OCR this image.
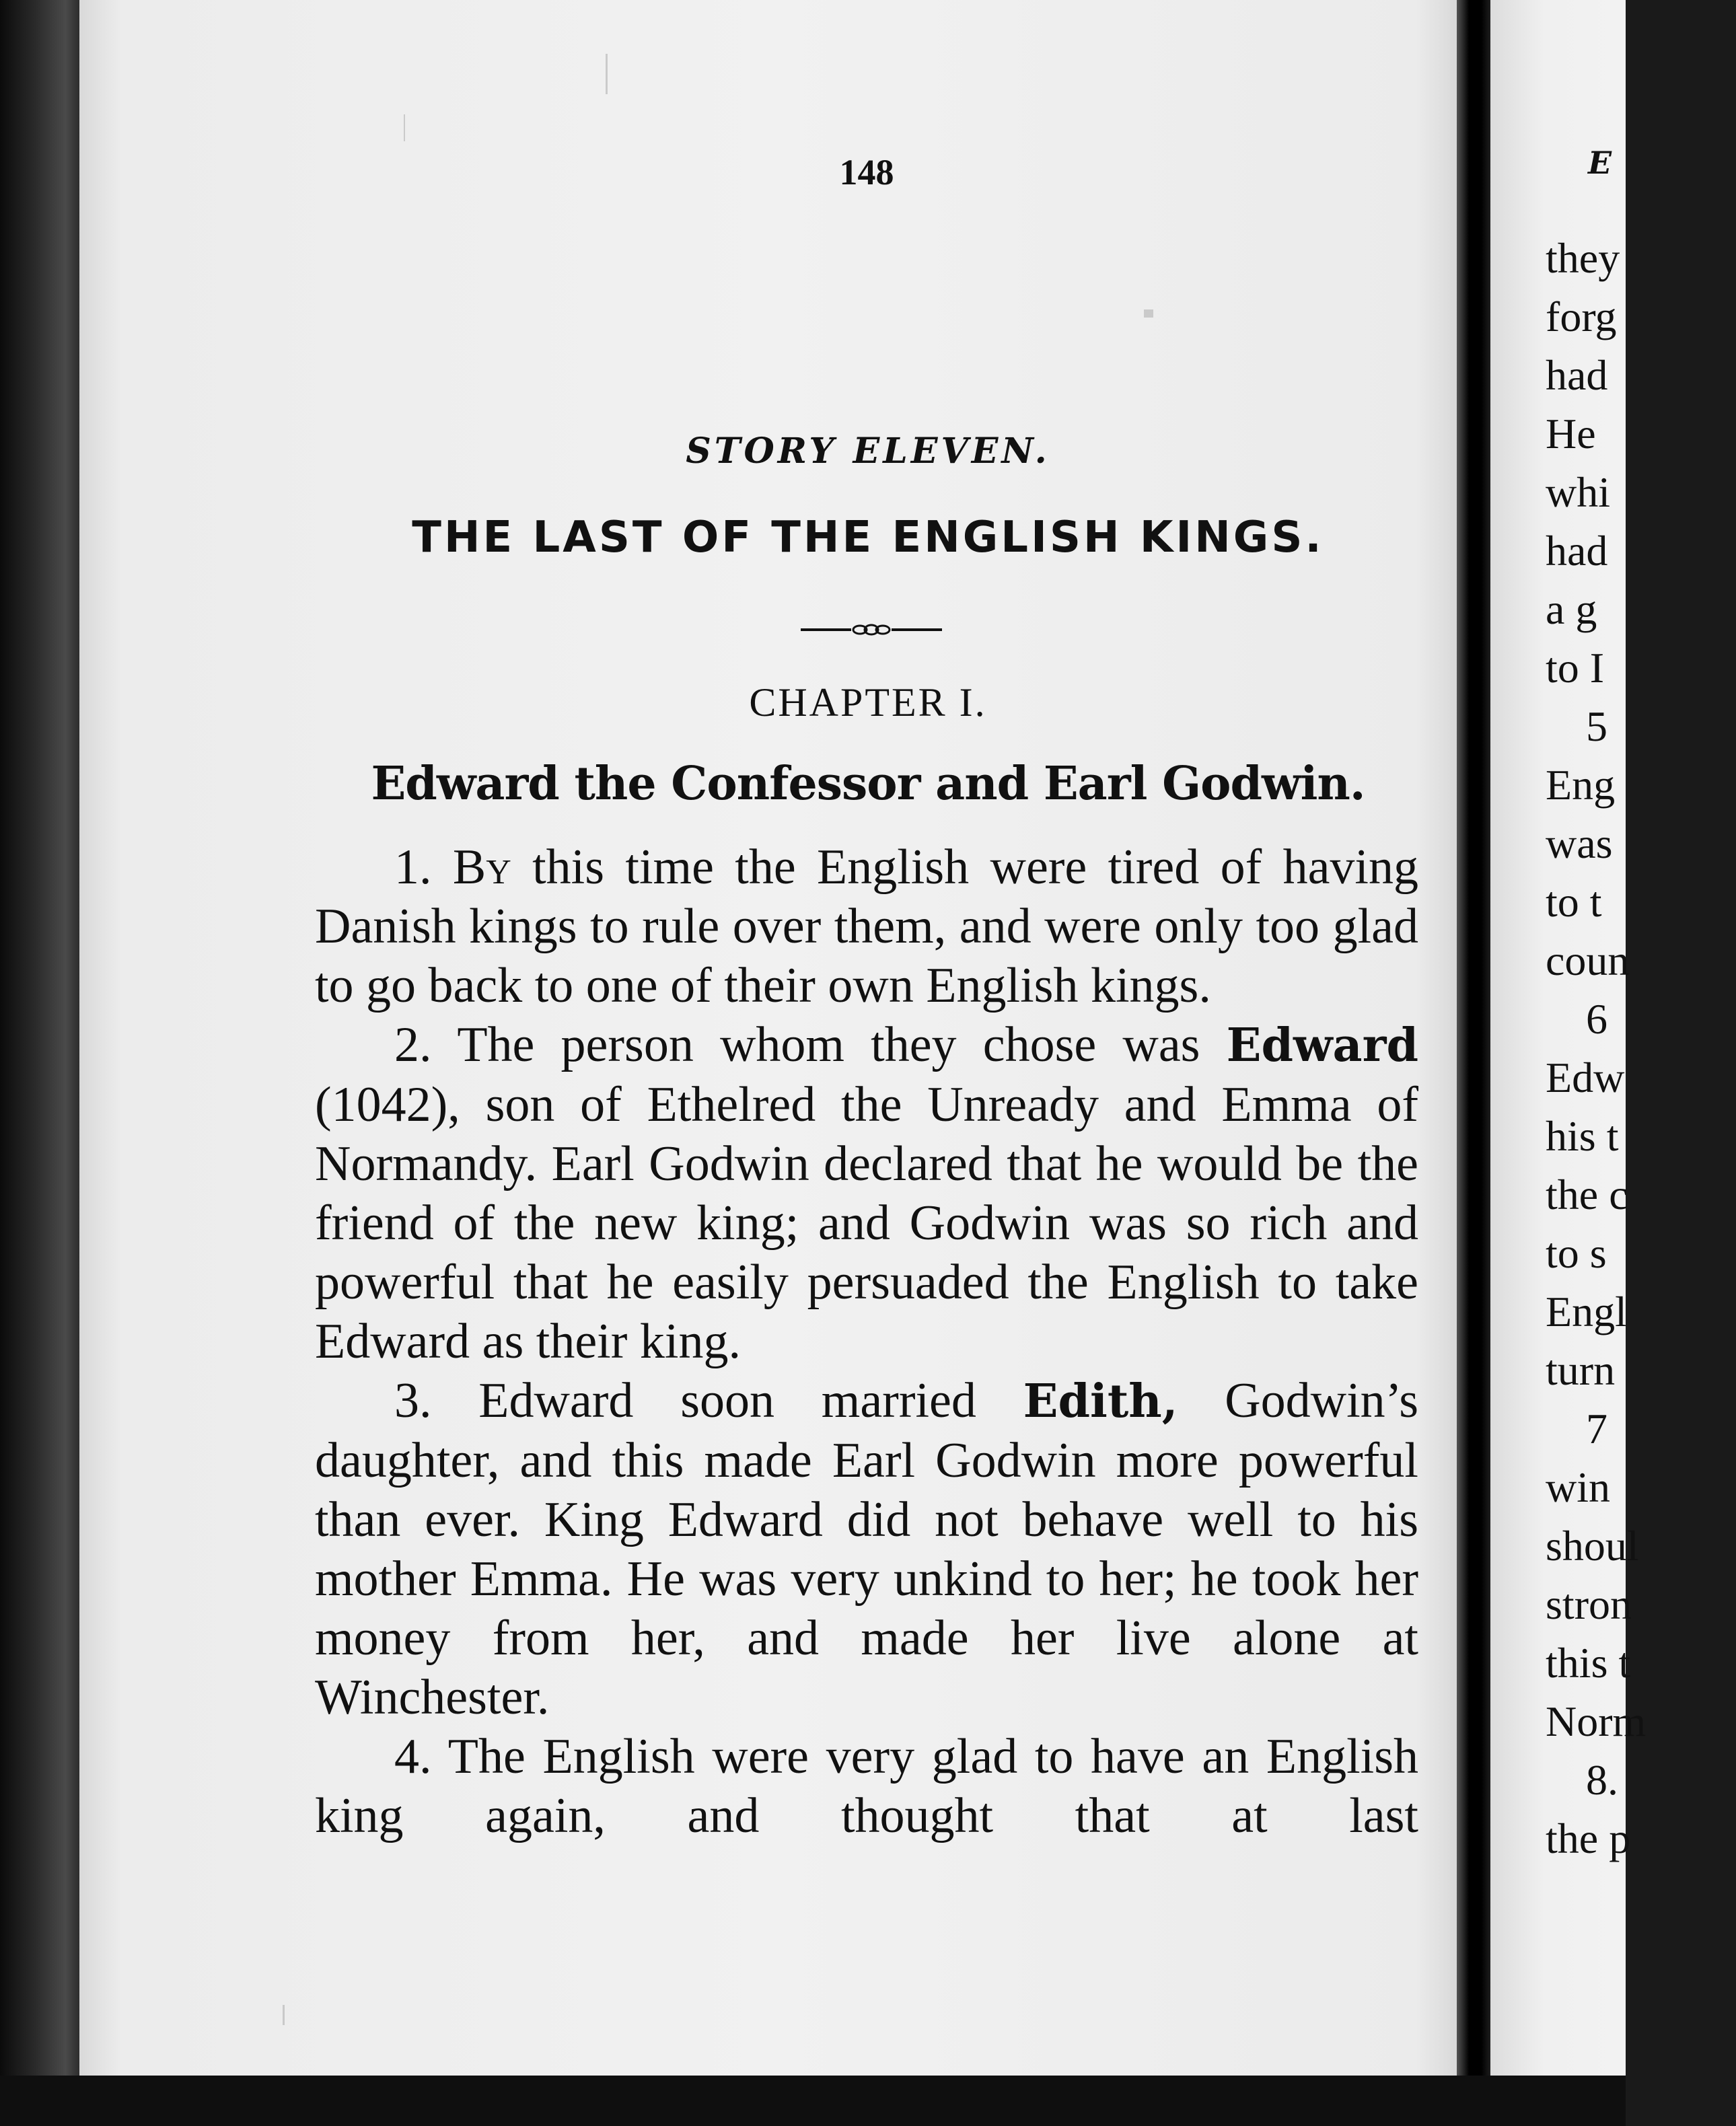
148
STORY ELEVEN.
THE LAST OF THE ENGLISH KINGS.
CHAPTER I.
Edward the Confessor and Earl Godwin.

1. By this time the English were tired of having Danish kings to rule over them, and were only too glad to go back to one of their own English kings.

2. The person whom they chose was Edward (1042), son of Ethelred the Unready and Emma of Normandy. Earl Godwin declared that he would be the friend of the new king; and Godwin was so rich and powerful that he easily persuaded the English to take Edward as their king.

3. Edward soon married Edith, Godwin’s daughter, and this made Earl Godwin more powerful than ever. King Edward did not behave well to his mother Emma. He was very unkind to her; he took her money from her, and made her live alone at Winchester.

4. The English were very glad to have an English king again, and thought that at last

E
they
forg
had
He
whi
had
a g
to I
5
Eng
was
to t
coun
6
Edw
his t
the c
to s
Engl
turn
7
win
shoul
stron
this t
Norm
8.
the p
